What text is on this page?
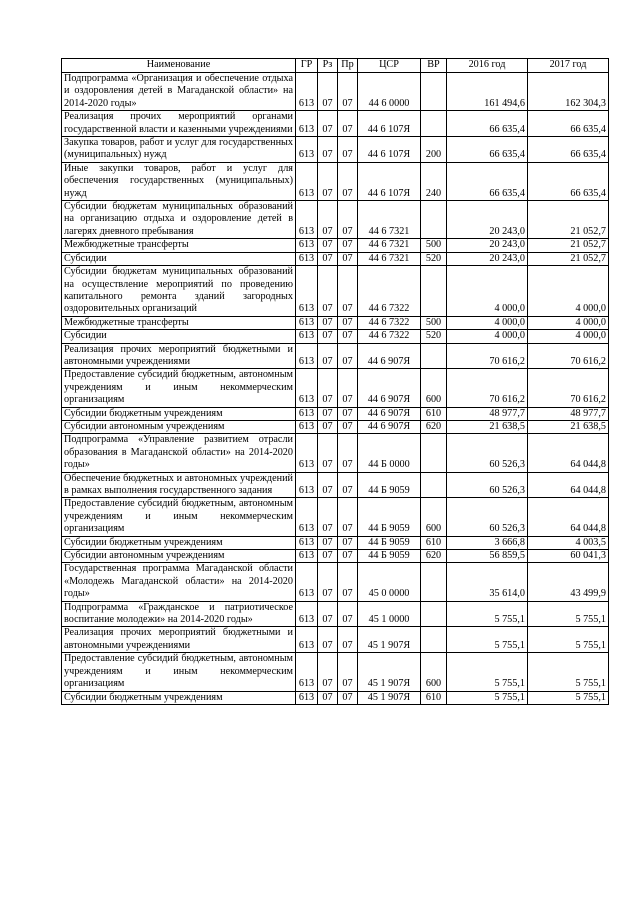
Наименование	ГР	Рз	Пр	ЦСР	ВР	2016 год	2017 год
Подпрограмма «Организация и обеспечение отдыха и оздоровления детей в Магаданской области» на 2014-2020 годы»	613	07	07	44 6 0000		161 494,6	162 304,3
Реализация прочих мероприятий органами государственной власти и казенными учреждениями	613	07	07	44 6 107Я		66 635,4	66 635,4
Закупка товаров, работ и услуг для государственных (муниципальных) нужд	613	07	07	44 6 107Я	200	66 635,4	66 635,4
Иные закупки товаров, работ и услуг для обеспечения государственных (муниципальных) нужд	613	07	07	44 6 107Я	240	66 635,4	66 635,4
Субсидии бюджетам муниципальных образований на организацию отдыха и оздоровление детей в лагерях дневного пребывания	613	07	07	44 6 7321		20 243,0	21 052,7
Межбюджетные трансферты	613	07	07	44 6 7321	500	20 243,0	21 052,7
Субсидии	613	07	07	44 6 7321	520	20 243,0	21 052,7
Субсидии бюджетам муниципальных образований на осуществление мероприятий по проведению капитального ремонта зданий загородных оздоровительных организаций	613	07	07	44 6 7322		4 000,0	4 000,0
Межбюджетные трансферты	613	07	07	44 6 7322	500	4 000,0	4 000,0
Субсидии	613	07	07	44 6 7322	520	4 000,0	4 000,0
Реализация прочих мероприятий бюджетными и автономными учреждениями	613	07	07	44 6 907Я		70 616,2	70 616,2
Предоставление субсидий бюджетным, автономным учреждениям и иным некоммерческим организациям	613	07	07	44 6 907Я	600	70 616,2	70 616,2
Субсидии бюджетным учреждениям	613	07	07	44 6 907Я	610	48 977,7	48 977,7
Субсидии автономным учреждениям	613	07	07	44 6 907Я	620	21 638,5	21 638,5
Подпрограмма «Управление развитием отрасли образования в Магаданской области» на 2014-2020 годы»	613	07	07	44 Б 0000		60 526,3	64 044,8
Обеспечение бюджетных и автономных учреждений в рамках выполнения государственного задания	613	07	07	44 Б 9059		60 526,3	64 044,8
Предоставление субсидий бюджетным, автономным учреждениям и иным некоммерческим организациям	613	07	07	44 Б 9059	600	60 526,3	64 044,8
Субсидии бюджетным учреждениям	613	07	07	44 Б 9059	610	3 666,8	4 003,5
Субсидии автономным учреждениям	613	07	07	44 Б 9059	620	56 859,5	60 041,3
Государственная программа Магаданской области «Молодежь Магаданской области» на 2014-2020 годы»	613	07	07	45 0 0000		35 614,0	43 499,9
Подпрограмма «Гражданское и патриотическое воспитание молодежи» на 2014-2020 годы»	613	07	07	45 1 0000		5 755,1	5 755,1
Реализация прочих мероприятий бюджетными и автономными учреждениями	613	07	07	45 1 907Я		5 755,1	5 755,1
Предоставление субсидий бюджетным, автономным учреждениям и иным некоммерческим организациям	613	07	07	45 1 907Я	600	5 755,1	5 755,1
Субсидии бюджетным учреждениям	613	07	07	45 1 907Я	610	5 755,1	5 755,1
